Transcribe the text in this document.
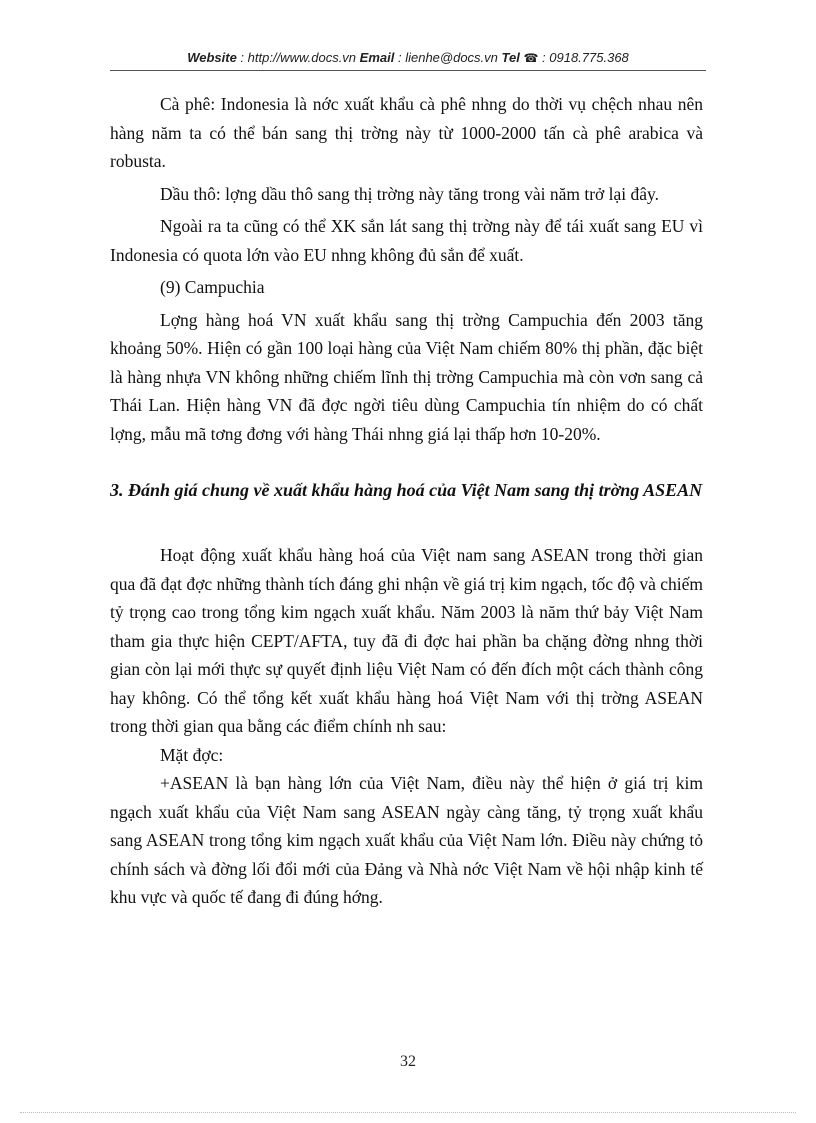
Website : http://www.docs.vn Email : lienhe@docs.vn Tel ☎ : 0918.775.368

Cà phê: Indonesia là nớc xuất khẩu cà phê nhng do thời vụ chệch nhau nên hàng năm ta có thể bán sang thị trờng này từ 1000-2000 tấn cà phê arabica và robusta.

Dầu thô: lợng dầu thô sang thị trờng này tăng trong vài năm trở lại đây.

Ngoài ra ta cũng có thể XK sắn lát sang thị trờng này để tái xuất sang EU vì Indonesia có quota lớn vào EU nhng không đủ sắn để xuất.

(9) Campuchia

Lợng hàng hoá VN xuất khẩu sang thị trờng Campuchia đến 2003 tăng khoảng 50%. Hiện có gần 100 loại hàng của Việt Nam chiếm 80% thị phần, đặc biệt là hàng nhựa VN không những chiếm lĩnh thị trờng Campuchia mà còn vơn sang cả Thái Lan. Hiện hàng VN đã đợc ngời tiêu dùng Campuchia tín nhiệm do có chất lợng, mẫu mã tơng đơng với hàng Thái nhng giá lại thấp hơn 10-20%.

3. Đánh giá chung về xuất khẩu hàng hoá của Việt Nam sang thị trờng ASEAN

Hoạt động xuất khẩu hàng hoá của Việt nam sang ASEAN trong thời gian qua đã đạt đợc những thành tích đáng ghi nhận về giá trị kim ngạch, tốc độ và chiếm tỷ trọng cao trong tổng kim ngạch xuất khẩu. Năm 2003 là năm thứ bảy Việt Nam tham gia thực hiện CEPT/AFTA, tuy đã đi đợc hai phần ba chặng đờng nhng thời gian còn lại mới thực sự quyết định liệu Việt Nam có đến đích một cách thành công hay không. Có thể tổng kết xuất khẩu hàng hoá Việt Nam với thị trờng ASEAN trong thời gian qua bằng các điểm chính nh sau:

Mặt đợc:

+ASEAN là bạn hàng lớn của Việt Nam, điều này thể hiện ở giá trị kim ngạch xuất khẩu của Việt Nam sang ASEAN ngày càng tăng, tỷ trọng xuất khẩu sang ASEAN trong tổng kim ngạch xuất khẩu của Việt Nam lớn. Điều này chứng tỏ chính sách và đờng lối đổi mới của Đảng và Nhà nớc Việt Nam về hội nhập kinh tế khu vực và quốc tế đang đi đúng hớng.

32
